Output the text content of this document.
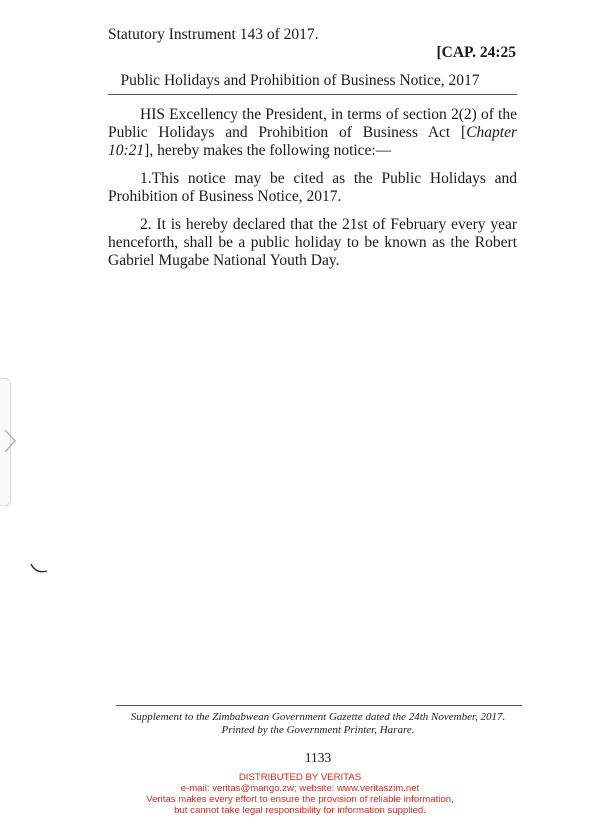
Statutory Instrument 143 of 2017.
[CAP. 24:25
Public Holidays and Prohibition of Business Notice, 2017

HIS Excellency the President, in terms of section 2(2) of the Public Holidays and Prohibition of Business Act [Chapter 10:21], hereby makes the following notice:—

1.This notice may be cited as the Public Holidays and Prohibition of Business Notice, 2017.

2. It is hereby declared that the 21st of February every year henceforth, shall be a public holiday to be known as the Robert Gabriel Mugabe National Youth Day.

Supplement to the Zimbabwean Government Gazette dated the 24th November, 2017.
Printed by the Government Printer, Harare.
1133
DISTRIBUTED BY VERITAS
e-mail: veritas@mango.zw; website: www.veritaszim.net
Veritas makes every effort to ensure the provision of reliable information,
but cannot take legal responsibility for information supplied.
